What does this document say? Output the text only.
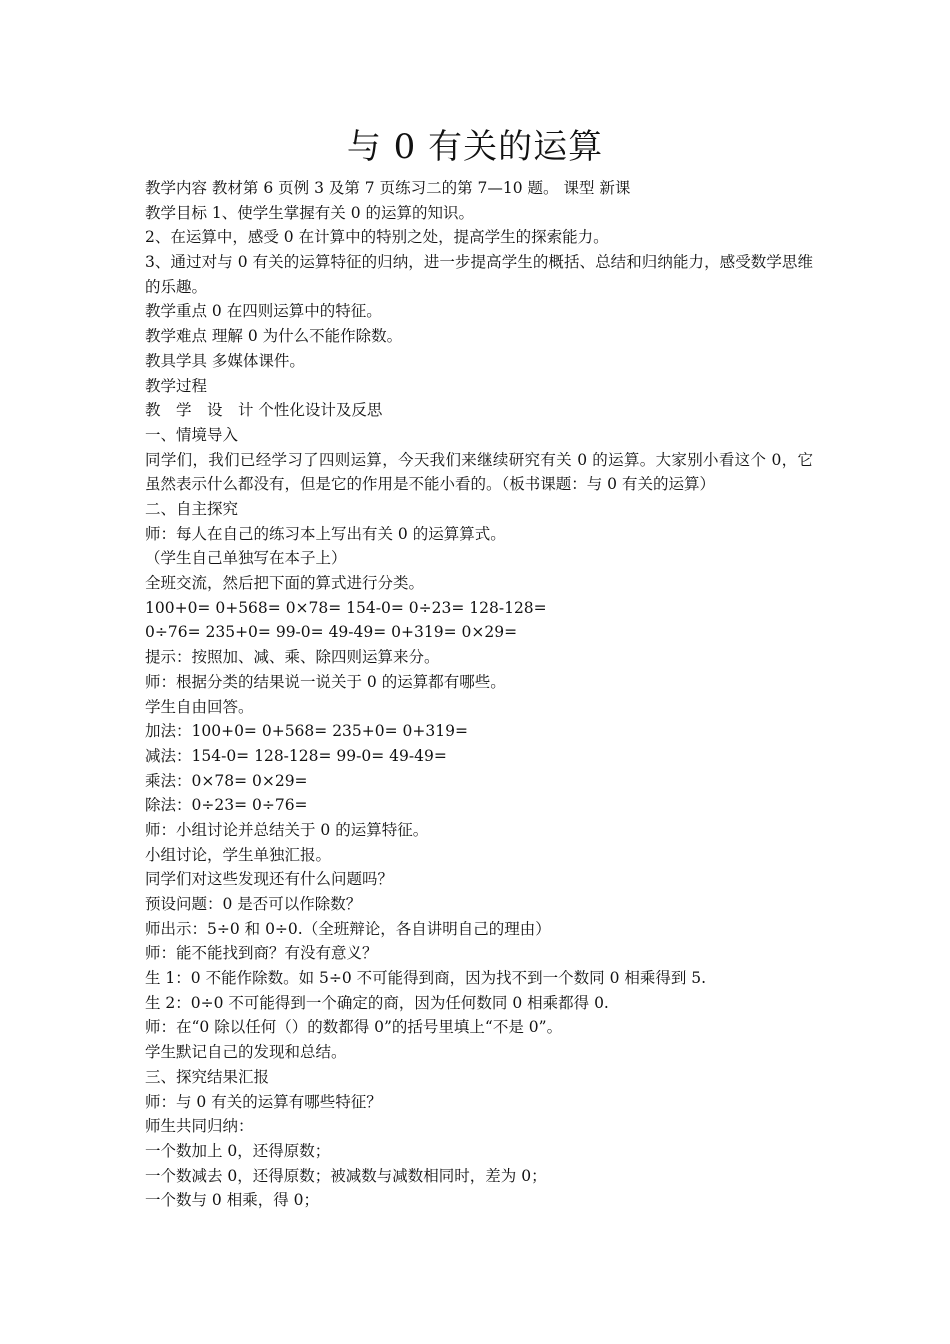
与 0 有关的运算
教学内容 教材第 6 页例 3 及第 7 页练习二的第 7—10 题。 课型 新课
教学目标 1、使学生掌握有关 0 的运算的知识。
2、在运算中，感受 0 在计算中的特别之处，提高学生的探索能力。
3、通过对与 0 有关的运算特征的归纳，进一步提高学生的概括、总结和归纳能力，感受数学思维的乐趣。
教学重点 0 在四则运算中的特征。
教学难点 理解 0 为什么不能作除数。
教具学具 多媒体课件。
教学过程
教　学　设　计 个性化设计及反思
一、情境导入
同学们，我们已经学习了四则运算，今天我们来继续研究有关 0 的运算。大家别小看这个 0，它虽然表示什么都没有，但是它的作用是不能小看的。（板书课题：与 0 有关的运算）
二、自主探究
师：每人在自己的练习本上写出有关 0 的运算算式。
（学生自己单独写在本子上）
全班交流，然后把下面的算式进行分类。
100+0= 0+568= 0×78= 154-0= 0÷23= 128-128=
0÷76= 235+0= 99-0= 49-49= 0+319= 0×29=
提示：按照加、减、乘、除四则运算来分。
师：根据分类的结果说一说关于 0 的运算都有哪些。
学生自由回答。
加法：100+0= 0+568= 235+0= 0+319=
减法：154-0= 128-128= 99-0= 49-49=
乘法：0×78= 0×29=
除法：0÷23= 0÷76=
师：小组讨论并总结关于 0 的运算特征。
小组讨论，学生单独汇报。
同学们对这些发现还有什么问题吗？
预设问题：0 是否可以作除数？
师出示：5÷0 和 0÷0.（全班辩论，各自讲明自己的理由）
师：能不能找到商？有没有意义？
生 1：0 不能作除数。如 5÷0 不可能得到商，因为找不到一个数同 0 相乘得到 5.
生 2：0÷0 不可能得到一个确定的商，因为任何数同 0 相乘都得 0.
师：在“0 除以任何（）的数都得 0”的括号里填上“不是 0”。
学生默记自己的发现和总结。
三、探究结果汇报
师：与 0 有关的运算有哪些特征？
师生共同归纳：
一个数加上 0，还得原数；
一个数减去 0，还得原数；被减数与减数相同时，差为 0；
一个数与 0 相乘，得 0；
